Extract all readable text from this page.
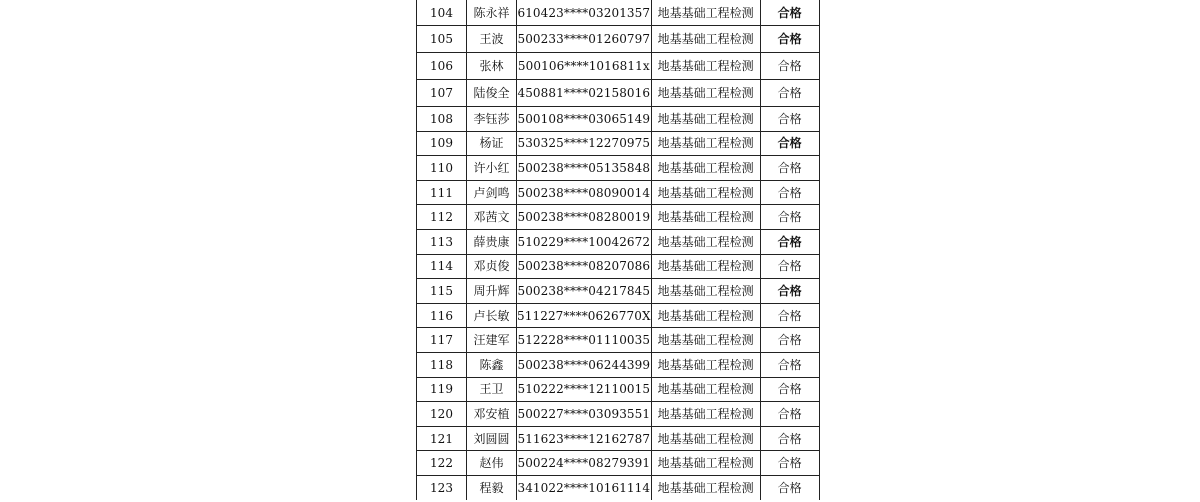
104	陈永祥	610423****03201357	地基基础工程检测	合格
105	王波	500233****01260797	地基基础工程检测	合格
106	张林	500106****1016811x	地基基础工程检测	合格
107	陆俊全	450881****02158016	地基基础工程检测	合格
108	李钰莎	500108****03065149	地基基础工程检测	合格
109	杨证	530325****12270975	地基基础工程检测	合格
110	许小红	500238****05135848	地基基础工程检测	合格
111	卢剑鸣	500238****08090014	地基基础工程检测	合格
112	邓茜文	500238****08280019	地基基础工程检测	合格
113	薛贵康	510229****10042672	地基基础工程检测	合格
114	邓贞俊	500238****08207086	地基基础工程检测	合格
115	周升辉	500238****04217845	地基基础工程检测	合格
116	卢长敏	511227****0626770X	地基基础工程检测	合格
117	汪建军	512228****01110035	地基基础工程检测	合格
118	陈鑫	500238****06244399	地基基础工程检测	合格
119	王卫	510222****12110015	地基基础工程检测	合格
120	邓安植	500227****03093551	地基基础工程检测	合格
121	刘圆圆	511623****12162787	地基基础工程检测	合格
122	赵伟	500224****08279391	地基基础工程检测	合格
123	程毅	341022****10161114	地基基础工程检测	合格
